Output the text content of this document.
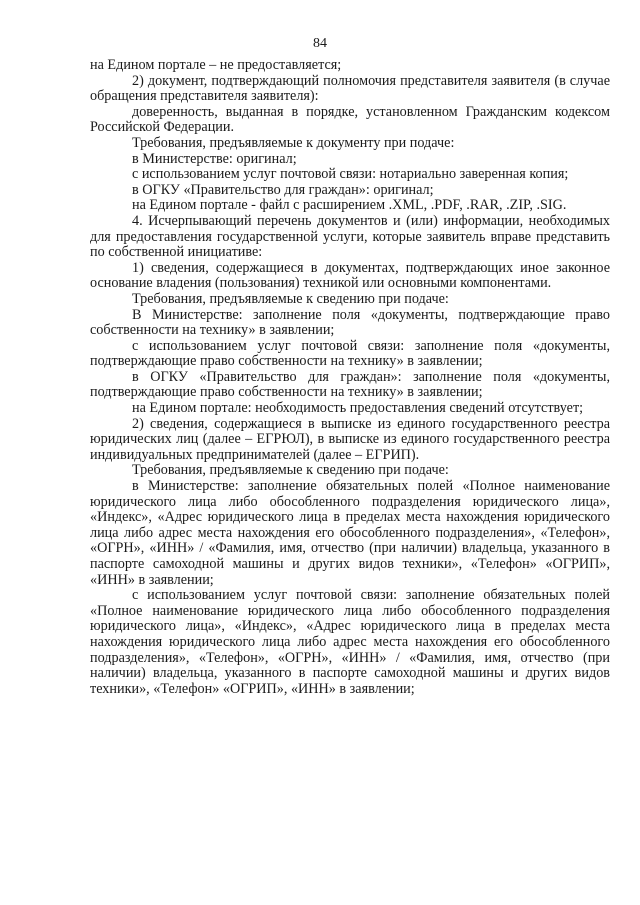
84

на Едином портале – не предоставляется;

2) документ, подтверждающий полномочия представителя заявителя (в случае обращения представителя заявителя):

доверенность, выданная в порядке, установленном Гражданским кодексом Российской Федерации.

Требования, предъявляемые к документу при подаче:

в Министерстве: оригинал;

с использованием услуг почтовой связи: нотариально заверенная копия;

в ОГКУ «Правительство для граждан»: оригинал;

на Едином портале - файл с расширением .XML, .PDF, .RAR, .ZIP, .SIG.

4. Исчерпывающий перечень документов и (или) информации, необходимых для предоставления государственной услуги, которые заявитель вправе представить по собственной инициативе:

1) сведения, содержащиеся в документах, подтверждающих иное законное основание владения (пользования) техникой или основными компонентами.

Требования, предъявляемые к сведению при подаче:

В Министерстве: заполнение поля «документы, подтверждающие право собственности на технику» в заявлении;

с использованием услуг почтовой связи: заполнение поля «документы, подтверждающие право собственности на технику» в заявлении;

в ОГКУ «Правительство для граждан»: заполнение поля «документы, подтверждающие право собственности на технику» в заявлении;

на Едином портале: необходимость предоставления сведений отсутствует;

2) сведения, содержащиеся в выписке из единого государственного реестра юридических лиц (далее – ЕГРЮЛ), в выписке из единого государственного реестра индивидуальных предпринимателей (далее – ЕГРИП).

Требования, предъявляемые к сведению при подаче:

в Министерстве: заполнение обязательных полей «Полное наименование юридического лица либо обособленного подразделения юридического лица», «Индекс», «Адрес юридического лица в пределах места нахождения юридического лица либо адрес места нахождения его обособленного подразделения», «Телефон», «ОГРН», «ИНН» / «Фамилия, имя, отчество (при наличии) владельца, указанного в паспорте самоходной машины и других видов техники», «Телефон» «ОГРИП», «ИНН» в заявлении;

с использованием услуг почтовой связи: заполнение обязательных полей «Полное наименование юридического лица либо обособленного подразделения юридического лица», «Индекс», «Адрес юридического лица в пределах места нахождения юридического лица либо адрес места нахождения его обособленного подразделения», «Телефон», «ОГРН», «ИНН» / «Фамилия, имя, отчество (при наличии) владельца, указанного в паспорте самоходной машины и других видов техники», «Телефон» «ОГРИП», «ИНН» в заявлении;
